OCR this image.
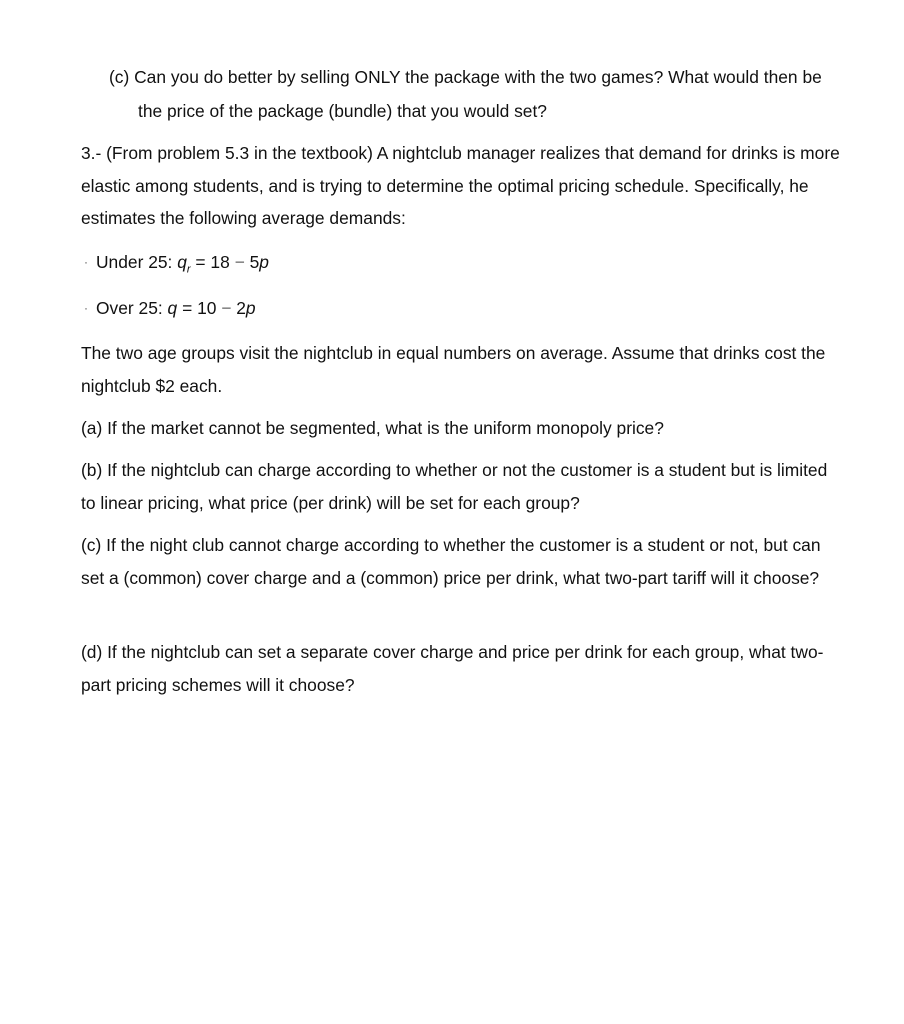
(c) Can you do better by selling ONLY the package with the two games? What would then be the price of the package (bundle) that you would set?

3.- (From problem 5.3 in the textbook) A nightclub manager realizes that demand for drinks is more elastic among students, and is trying to determine the optimal pricing schedule. Specifically, he estimates the following average demands:

· Under 25: $q_r = 18 - 5p$

· Over 25: q = 10 − 2p

The two age groups visit the nightclub in equal numbers on average. Assume that drinks cost the nightclub $2 each.

(a) If the market cannot be segmented, what is the uniform monopoly price?

(b) If the nightclub can charge according to whether or not the customer is a student but is limited to linear pricing, what price (per drink) will be set for each group?

(c) If the night club cannot charge according to whether the customer is a student or not, but can set a (common) cover charge and a (common) price per drink, what two-part tariff will it choose?

(d) If the nightclub can set a separate cover charge and price per drink for each group, what two-part pricing schemes will it choose?
